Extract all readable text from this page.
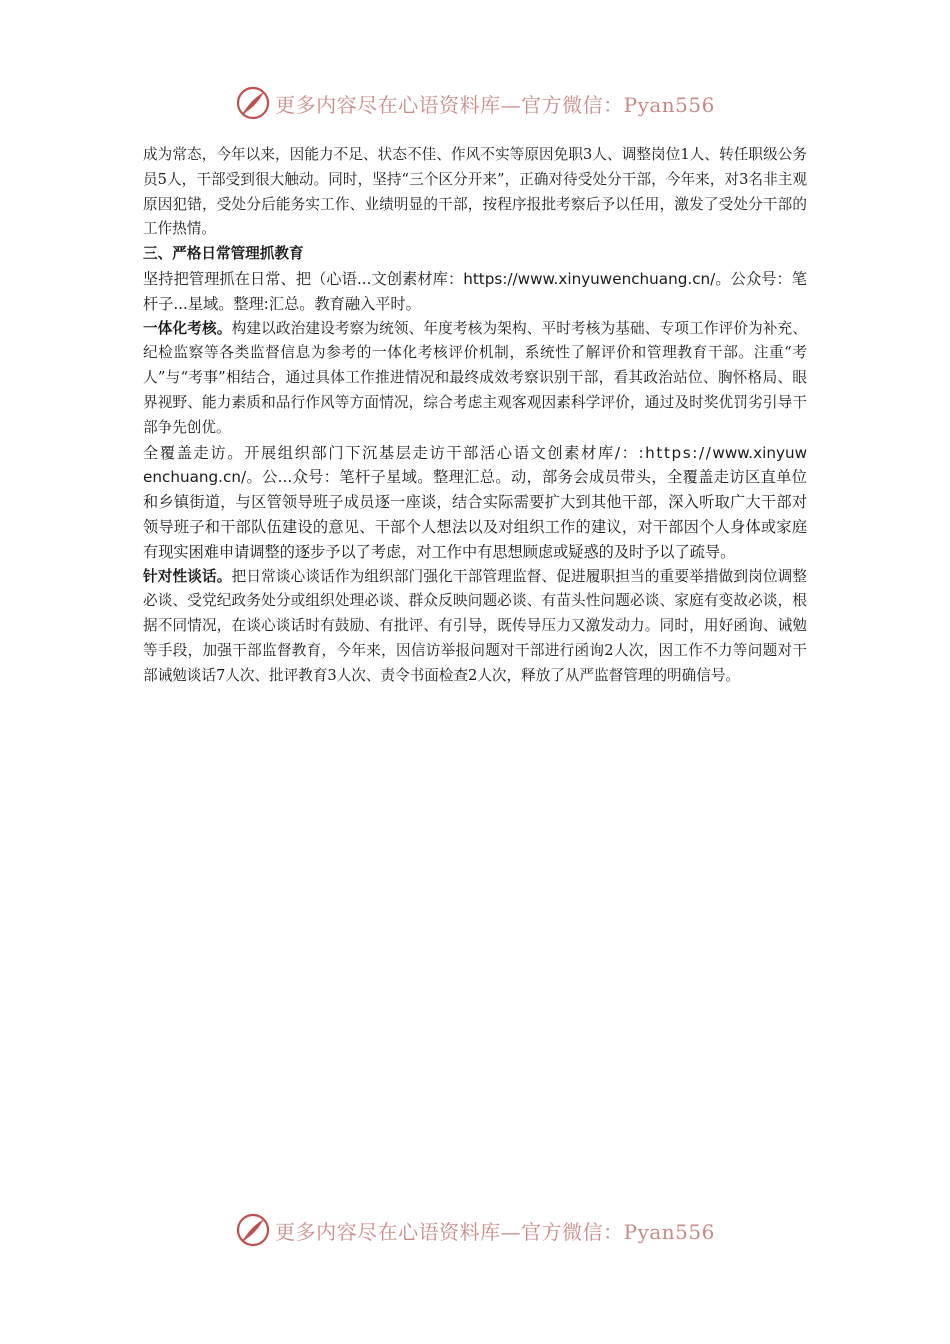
更多内容尽在心语资料库—官方微信：Pyan556

成为常态，今年以来，因能力不足、状态不佳、作风不实等原因免职3人、调整岗位1人、转任职级公务员5人，干部受到很大触动。同时，坚持“三个区分开来”，正确对待受处分干部，今年来，对3名非主观原因犯错，受处分后能务实工作、业绩明显的干部，按程序报批考察后予以任用，激发了受处分干部的工作热情。

三、严格日常管理抓教育

坚持把管理抓在日常、把（心语...文创素材库：https://www.xinyuwenchuang.cn/。公众号：笔杆子...星域。整理:汇总。教育融入平时。

一体化考核。构建以政治建设考察为统领、年度考核为架构、平时考核为基础、专项工作评价为补充、纪检监察等各类监督信息为参考的一体化考核评价机制，系统性了解评价和管理教育干部。注重“考人”与“考事”相结合，通过具体工作推进情况和最终成效考察识别干部，看其政治站位、胸怀格局、眼界视野、能力素质和品行作风等方面情况，综合考虑主观客观因素科学评价，通过及时奖优罚劣引导干部争先创优。

全覆盖走访。开展组织部门下沉基层走访干部活心语文创素材库/：:https://www.xinyuwenchuang.cn/。公...众号：笔杆子星域。整理汇总。动，部务会成员带头，全覆盖走访区直单位和乡镇街道，与区管领导班子成员逐一座谈，结合实际需要扩大到其他干部，深入听取广大干部对领导班子和干部队伍建设的意见、干部个人想法以及对组织工作的建议，对干部因个人身体或家庭有现实困难申请调整的逐步予以了考虑，对工作中有思想顾虑或疑惑的及时予以了疏导。

针对性谈话。把日常谈心谈话作为组织部门强化干部管理监督、促进履职担当的重要举措做到岗位调整必谈、受党纪政务处分或组织处理必谈、群众反映问题必谈、有苗头性问题必谈、家庭有变故必谈，根据不同情况，在谈心谈话时有鼓励、有批评、有引导，既传导压力又激发动力。同时，用好函询、诫勉等手段，加强干部监督教育，今年来，因信访举报问题对干部进行函询2人次，因工作不力等问题对干部诫勉谈话7人次、批评教育3人次、责令书面检查2人次，释放了从严监督管理的明确信号。

更多内容尽在心语资料库—官方微信：Pyan556
